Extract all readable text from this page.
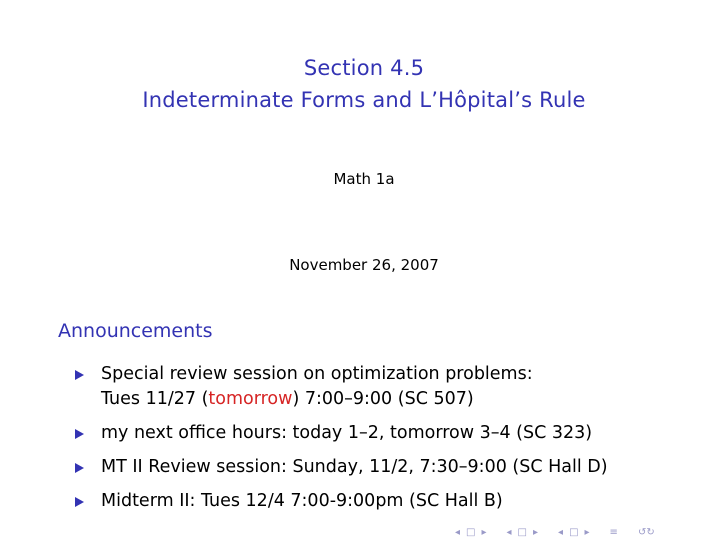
Section 4.5
Indeterminate Forms and L’Hôpital’s Rule
Math 1a
November 26, 2007
Announcements
Special review session on optimization problems:
Tues 11/27 (tomorrow) 7:00–9:00 (SC 507)
my next office hours: today 1–2, tomorrow 3–4 (SC 323)
MT II Review session: Sunday, 11/2, 7:30–9:00 (SC Hall D)
Midterm II: Tues 12/4 7:00-9:00pm (SC Hall B)
◂ □ ▸ ◂ □ ▸ ◂ □ ▸ ≡ ↺↻
